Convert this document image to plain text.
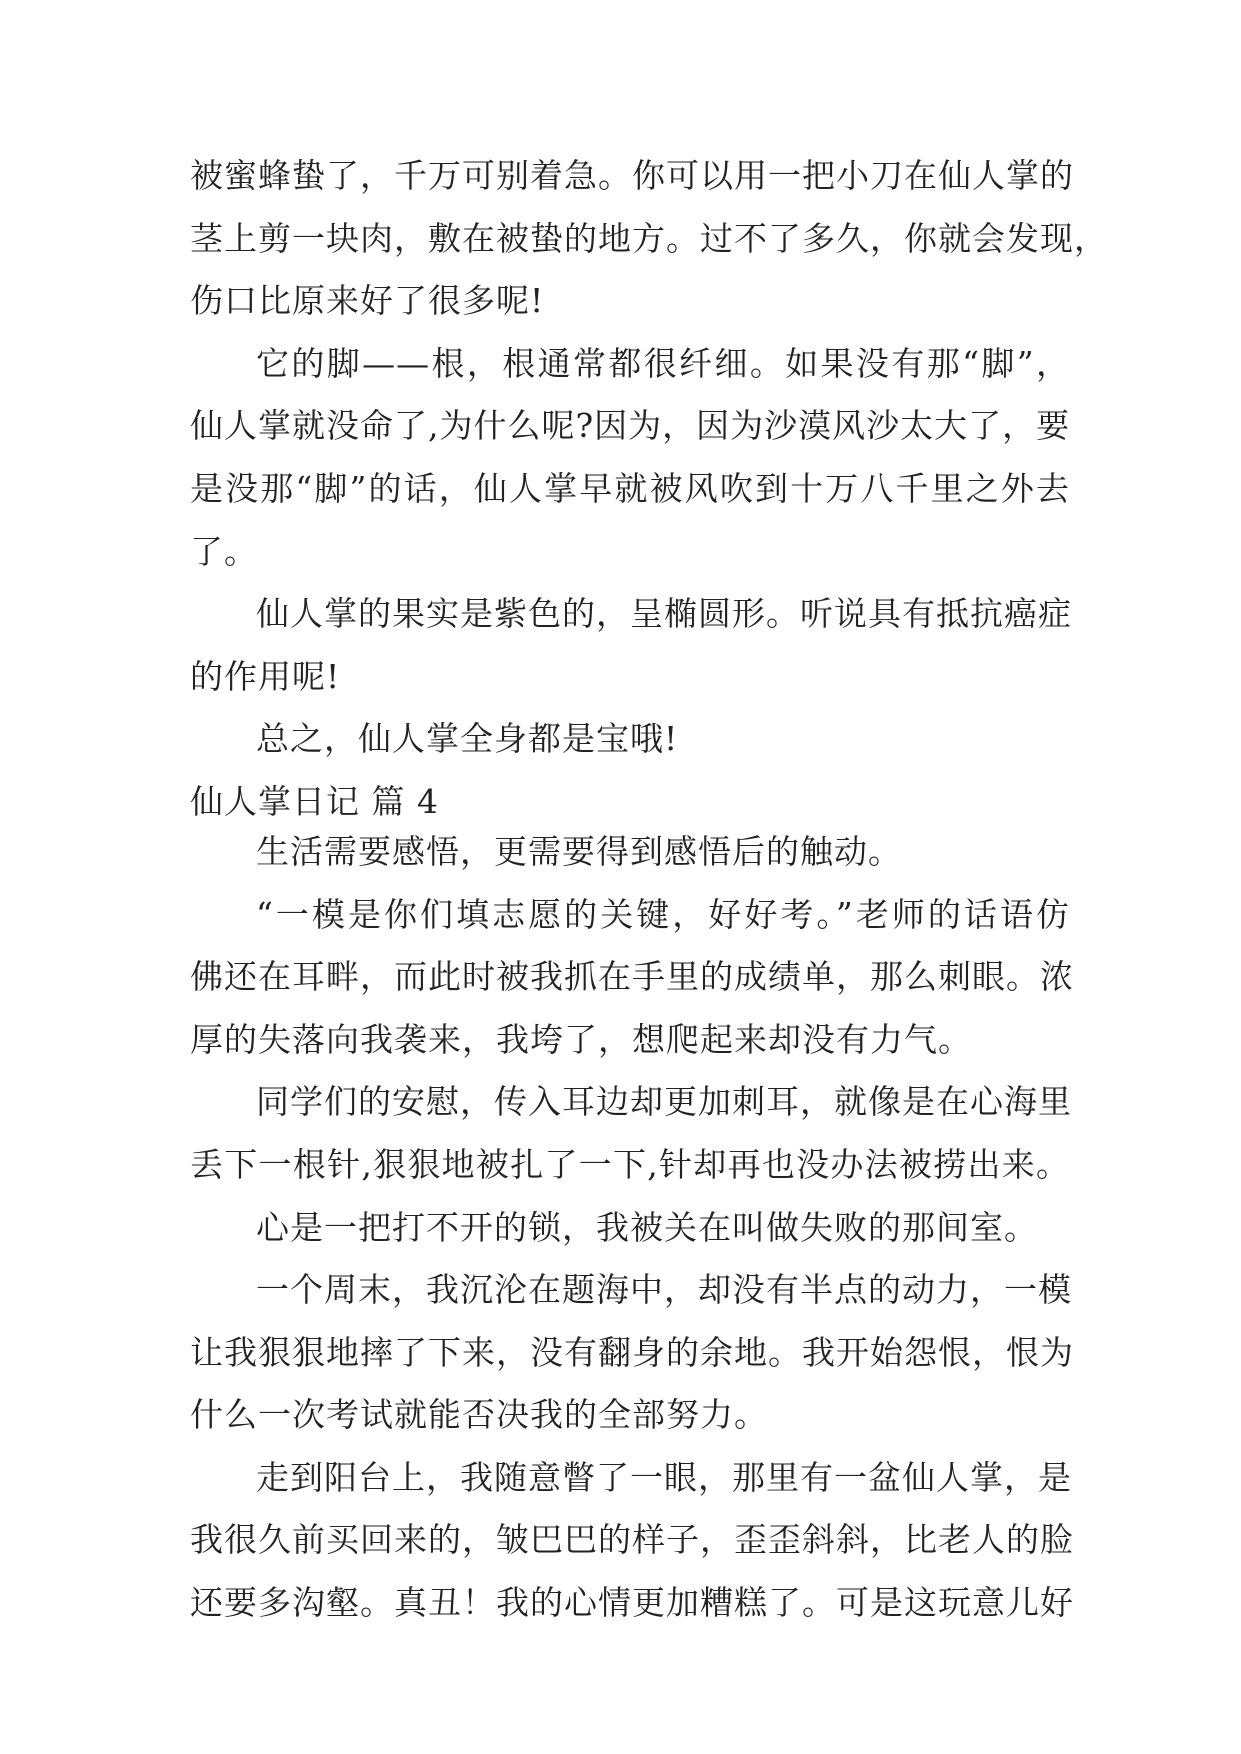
被蜜蜂蛰了，千万可别着急。你可以用一把小刀在仙人掌的
茎上剪一块肉，敷在被蛰的地方。过不了多久，你就会发现，
伤口比原来好了很多呢!
它的脚——根，根通常都很纤细。如果没有那“脚”，
仙人掌就没命了,为什么呢?因为，因为沙漠风沙太大了，要
是没那“脚”的话，仙人掌早就被风吹到十万八千里之外去
了。
仙人掌的果实是紫色的，呈椭圆形。听说具有抵抗癌症
的作用呢!
总之，仙人掌全身都是宝哦!
仙人掌日记 篇 4
生活需要感悟，更需要得到感悟后的触动。
“一模是你们填志愿的关键，好好考。”老师的话语仿
佛还在耳畔，而此时被我抓在手里的成绩单，那么刺眼。浓
厚的失落向我袭来，我垮了，想爬起来却没有力气。
同学们的安慰，传入耳边却更加刺耳，就像是在心海里
丢下一根针,狠狠地被扎了一下,针却再也没办法被捞出来。
心是一把打不开的锁，我被关在叫做失败的那间室。
一个周末，我沉沦在题海中，却没有半点的动力，一模
让我狠狠地摔了下来，没有翻身的余地。我开始怨恨，恨为
什么一次考试就能否决我的全部努力。
走到阳台上，我随意瞥了一眼，那里有一盆仙人掌，是
我很久前买回来的，皱巴巴的样子，歪歪斜斜，比老人的脸
还要多沟壑。真丑！我的心情更加糟糕了。可是这玩意儿好
